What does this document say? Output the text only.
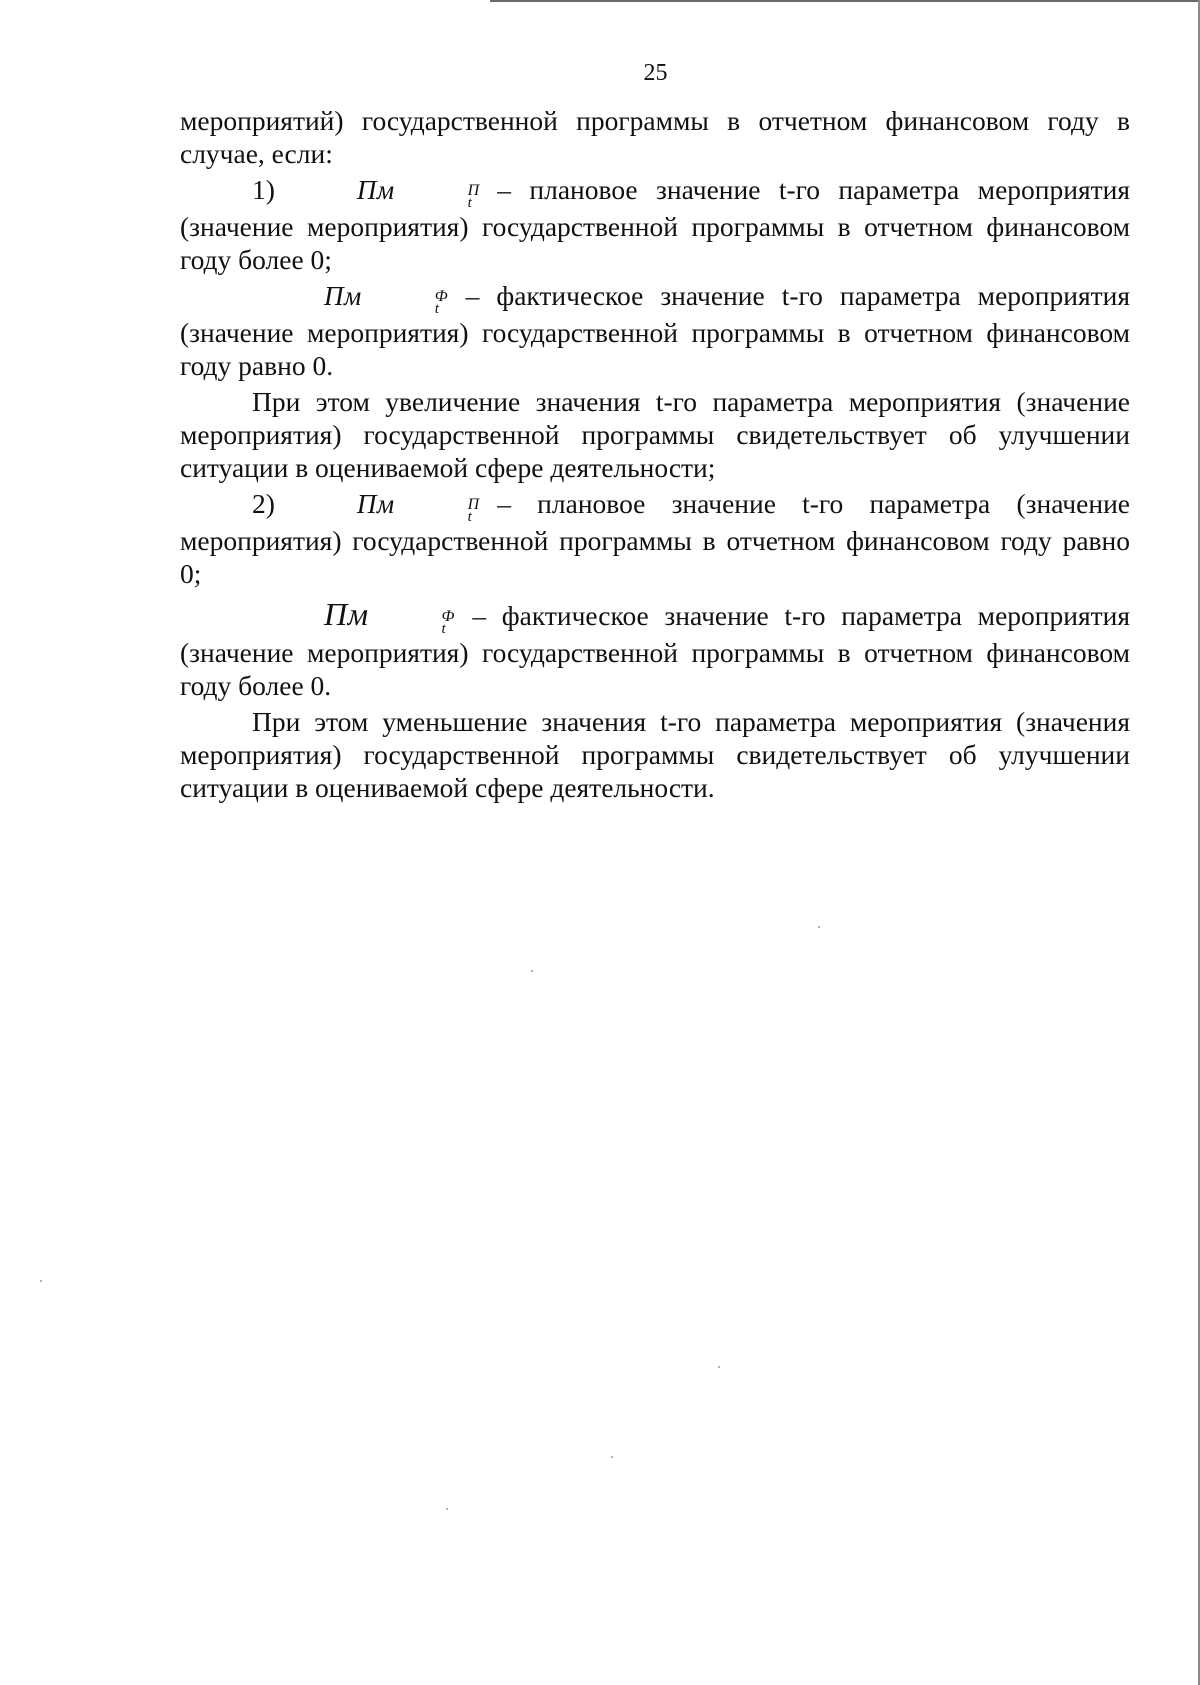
25

мероприятий) государственной программы в отчетном финансовом году в случае, если:

1)	Пм	П
t – плановое значение t-го параметра мероприятия (значение мероприятия) государственной программы в отчетном финансовом году более 0;

Пм	Ф
t – фактическое значение t-го параметра мероприятия (значение мероприятия) государственной программы в отчетном финансовом году равно 0.

При этом увеличение значения t-го параметра мероприятия (значение мероприятия) государственной программы свидетельствует об улучшении ситуации в оцениваемой сфере деятельности;

2)	Пм	П
t – плановое значение t-го параметра (значение мероприятия) государственной программы в отчетном финансовом году равно 0;

Пм	Ф
t – фактическое значение t-го параметра мероприятия (значение мероприятия) государственной программы в отчетном финансовом году более 0.

При этом уменьшение значения t-го параметра мероприятия (значения мероприятия) государственной программы свидетельствует об улучшении ситуации в оцениваемой сфере деятельности.
